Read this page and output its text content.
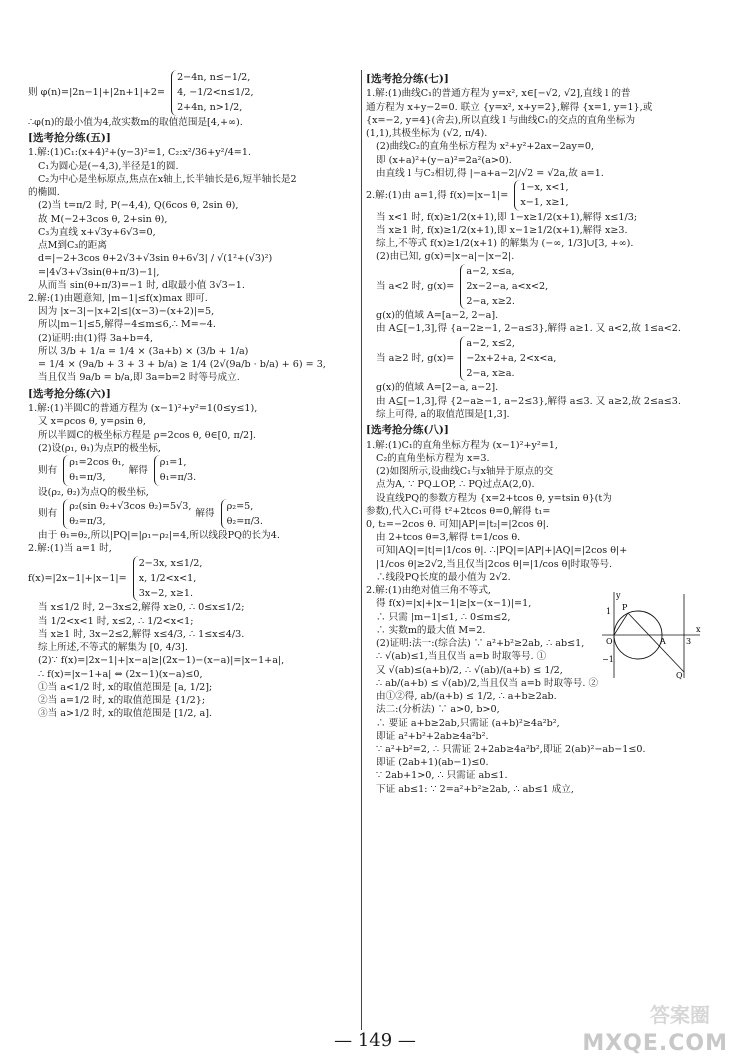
则 φ(n)=|2n−1|+|2n+1|+2=
2−4n, n≤−1/2,
4, −1/2<n≤1/2,
2+4n, n>1/2,
∴φ(n)的最小值为4,故实数m的取值范围是[4,+∞).
[选考抢分练(五)]
1.解:(1)C₁:(x+4)²+(y−3)²=1, C₂:x²/36+y²/4=1.
C₁为圆心是(−4,3),半径是1的圆.
C₂为中心是坐标原点,焦点在x轴上,长半轴长是6,短半轴长是2
的椭圆.
(2)当 t=π/2 时, P(−4,4), Q(6cos θ, 2sin θ),
故 M(−2+3cos θ, 2+sin θ),
C₃为直线 x+√3y+6√3=0,
点M到C₃的距离
d=|−2+3cos θ+2√3+√3sin θ+6√3| / √(1²+(√3)²)
=|4√3+√3sin(θ+π/3)−1|,
从而当 sin(θ+π/3)=−1 时, d取最小值 3√3−1.
2.解:(1)由题意知, |m−1|≤f(x)max 即可.
因为 |x−3|−|x+2|≤|(x−3)−(x+2)|=5,
所以|m−1|≤5,解得−4≤m≤6,∴ M=−4.
(2)证明:由(1)得 3a+b=4,
所以 3/b + 1/a = 1/4 × (3a+b) × (3/b + 1/a)
= 1/4 × (9a/b + 3 + 3 + b/a) ≥ 1/4 (2√(9a/b · b/a) + 6) = 3,
当且仅当 9a/b = b/a,即 3a=b=2 时等号成立.
[选考抢分练(六)]
1.解:(1)半圆C的普通方程为 (x−1)²+y²=1(0≤y≤1),
又 x=ρcos θ, y=ρsin θ,
所以半圆C的极坐标方程是 ρ=2cos θ, θ∈[0, π/2].
(2)设(ρ₁, θ₁)为点P的极坐标,
则有
ρ₁=2cos θ₁,
θ₁=π/3,
解得
ρ₁=1,
θ₁=π/3.
设(ρ₂, θ₂)为点Q的极坐标,
则有
ρ₂(sin θ₂+√3cos θ₂)=5√3,
θ₂=π/3,
解得
ρ₂=5,
θ₂=π/3.
由于 θ₁=θ₂,所以|PQ|=|ρ₁−ρ₂|=4,所以线段PQ的长为4.
2.解:(1)当 a=1 时,
f(x)=|2x−1|+|x−1|=
2−3x, x≤1/2,
x, 1/2<x<1,
3x−2, x≥1.
当 x≤1/2 时, 2−3x≤2,解得 x≥0, ∴ 0≤x≤1/2;
当 1/2<x<1 时, x≤2, ∴ 1/2<x<1;
当 x≥1 时, 3x−2≤2,解得 x≤4/3, ∴ 1≤x≤4/3.
综上所述,不等式的解集为 [0, 4/3].
(2)∵ f(x)=|2x−1|+|x−a|≥|(2x−1)−(x−a)|=|x−1+a|,
∴ f(x)=|x−1+a| ⇔ (2x−1)(x−a)≤0,
①当 a<1/2 时, x的取值范围是 [a, 1/2];
②当 a=1/2 时, x的取值范围是 {1/2};
③当 a>1/2 时, x的取值范围是 [1/2, a].
[选考抢分练(七)]
1.解:(1)曲线C₁的普通方程为 y=x², x∈[−√2, √2],直线 l 的普
通方程为 x+y−2=0. 联立 {y=x², x+y=2},解得 {x=1, y=1},或
{x=−2, y=4}(舍去),所以直线 l 与曲线C₁的交点的直角坐标为
(1,1),其极坐标为 (√2, π/4).
(2)曲线C₂的直角坐标方程为 x²+y²+2ax−2ay=0,
即 (x+a)²+(y−a)²=2a²(a>0).
由直线 l 与C₂相切,得 |−a+a−2|/√2 = √2a,故 a=1.
2.解:(1)由 a=1,得 f(x)=|x−1|=
1−x, x<1,
x−1, x≥1,
当 x<1 时, f(x)≥1/2(x+1),即 1−x≥1/2(x+1),解得 x≤1/3;
当 x≥1 时, f(x)≥1/2(x+1),即 x−1≥1/2(x+1),解得 x≥3.
综上,不等式 f(x)≥1/2(x+1) 的解集为 (−∞, 1/3]∪[3, +∞).
(2)由已知, g(x)=|x−a|−|x−2|.
当 a<2 时, g(x)=
a−2, x≤a,
2x−2−a, a<x<2,
2−a, x≥2.
g(x)的值域 A=[a−2, 2−a].
由 A⊆[−1,3],得 {a−2≥−1, 2−a≤3},解得 a≥1. 又 a<2,故 1≤a<2.
当 a≥2 时, g(x)=
a−2, x≤2,
−2x+2+a, 2<x<a,
2−a, x≥a.
g(x)的值域 A=[2−a, a−2].
由 A⊆[−1,3],得 {2−a≥−1, a−2≤3},解得 a≤3. 又 a≥2,故 2≤a≤3.
综上可得, a的取值范围是[1,3].
[选考抢分练(八)]
1.解:(1)C₁的直角坐标方程为 (x−1)²+y²=1,
C₂的直角坐标方程为 x=3.
(2)如图所示,设曲线C₁与x轴异于原点的交
点为A, ∵ PQ⊥OP, ∴ PQ过点A(2,0).
设直线PQ的参数方程为 {x=2+tcos θ, y=tsin θ}(t为
参数),代入C₁可得 t²+2tcos θ=0,解得 t₁=
0, t₂=−2cos θ. 可知|AP|=|t₂|=|2cos θ|.
由 2+tcos θ=3,解得 t=1/cos θ.
可知|AQ|=|t|=|1/cos θ|. ∴|PQ|=|AP|+|AQ|=|2cos θ|+
|1/cos θ|≥2√2,当且仅当|2cos θ|=|1/cos θ|时取等号.
∴线段PQ长度的最小值为 2√2.
2.解:(1)由绝对值三角不等式,
得 f(x)=|x|+|x−1|≥|x−(x−1)|=1,
∴ 只需 |m−1|≤1, ∴ 0≤m≤2,
∴ 实数m的最大值 M=2.
(2)证明:法一:(综合法) ∵ a²+b²≥2ab, ∴ ab≤1,
∴ √(ab)≤1,当且仅当 a=b 时取等号. ①
又 √(ab)≤(a+b)/2, ∴ √(ab)/(a+b) ≤ 1/2,
∴ ab/(a+b) ≤ √(ab)/2,当且仅当 a=b 时取等号. ②
由①②得, ab/(a+b) ≤ 1/2, ∴ a+b≥2ab.
法二:(分析法) ∵ a>0, b>0,
∴ 要证 a+b≥2ab,只需证 (a+b)²≥4a²b²,
即证 a²+b²+2ab≥4a²b².
∵ a²+b²=2, ∴ 只需证 2+2ab≥4a²b²,即证 2(ab)²−ab−1≤0.
即证 (2ab+1)(ab−1)≤0.
∵ 2ab+1>0, ∴ 只需证 ab≤1.
下证 ab≤1: ∵ 2=a²+b²≥2ab, ∴ ab≤1 成立,
y
x
O	A
P
Q
3
1
−1
— 149 —
答案圈
MXQE.COM
